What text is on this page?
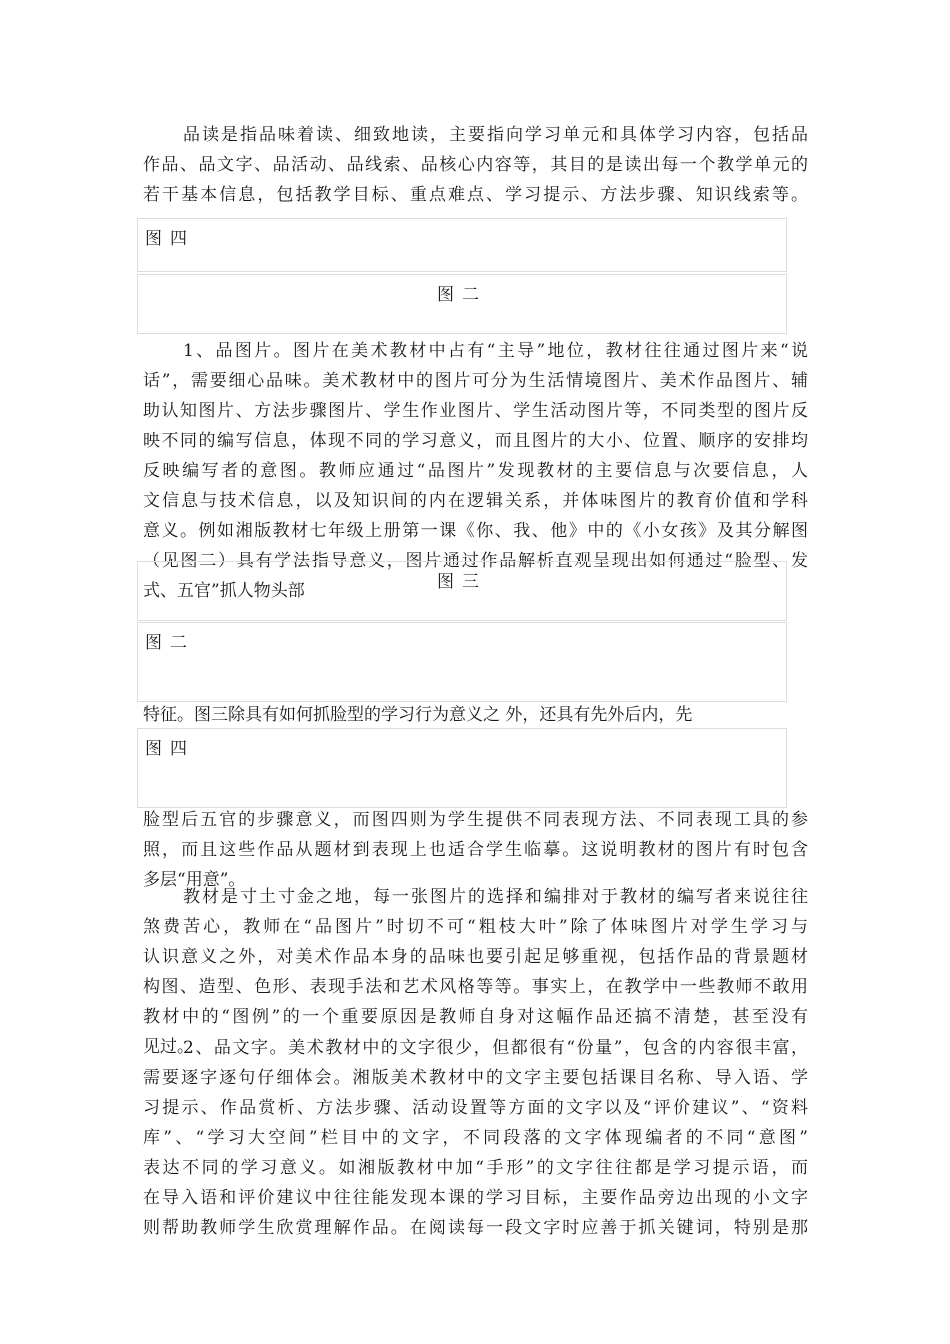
品读是指品味着读、细致地读，主要指向学习单元和具体学习内容，包括品
作品、品文字、品活动、品线索、品核心内容等，其目的是读出每一个教学单元的
若干基本信息，包括教学目标、重点难点、学习提示、方法步骤、知识线索等。
图四
图二
1、品图片。图片在美术教材中占有“主导”地位，教材往往通过图片来“说
话”，需要细心品味。美术教材中的图片可分为生活情境图片、美术作品图片、辅
助认知图片、方法步骤图片、学生作业图片、学生活动图片等，不同类型的图片反
映不同的编写信息，体现不同的学习意义，而且图片的大小、位置、顺序的安排均
反映编写者的意图。教师应通过“品图片”发现教材的主要信息与次要信息，人
文信息与技术信息，以及知识间的内在逻辑关系，并体味图片的教育价值和学科
意义。例如湘版教材七年级上册第一课《你、我、他》中的《小女孩》及其分解图
（见图二）具有学法指导意义，图片通过作品解析直观呈现出如何通过“脸型、发
式、五官”抓人物头部	图三
图二
特征。图三除具有如何抓脸型的学习行为意义之 外，还具有先外后内，先
图四
脸型后五官的步骤意义，而图四则为学生提供不同表现方法、不同表现工具的参
照，而且这些作品从题材到表现上也适合学生临摹。这说明教材的图片有时包含
多层“用意”。
教材是寸土寸金之地，每一张图片的选择和编排对于教材的编写者来说往往
煞费苦心，教师在“品图片”时切不可“粗枝大叶”除了体味图片对学生学习与
认识意义之外，对美术作品本身的品味也要引起足够重视，包括作品的背景题材
构图、造型、色形、表现手法和艺术风格等等。事实上，在教学中一些教师不敢用
教材中的“图例”的一个重要原因是教师自身对这幅作品还搞不清楚，甚至没有
见过。
2、品文字。美术教材中的文字很少，但都很有“份量”，包含的内容很丰富，
需要逐字逐句仔细体会。湘版美术教材中的文字主要包括课目名称、导入语、学
习提示、作品赏析、方法步骤、活动设置等方面的文字以及“评价建议”、“资料
库”、“学习大空间”栏目中的文字，不同段落的文字体现编者的不同“意图”
表达不同的学习意义。如湘版教材中加“手形”的文字往往都是学习提示语，而
在导入语和评价建议中往往能发现本课的学习目标，主要作品旁边出现的小文字
则帮助教师学生欣赏理解作品。在阅读每一段文字时应善于抓关键词，特别是那
